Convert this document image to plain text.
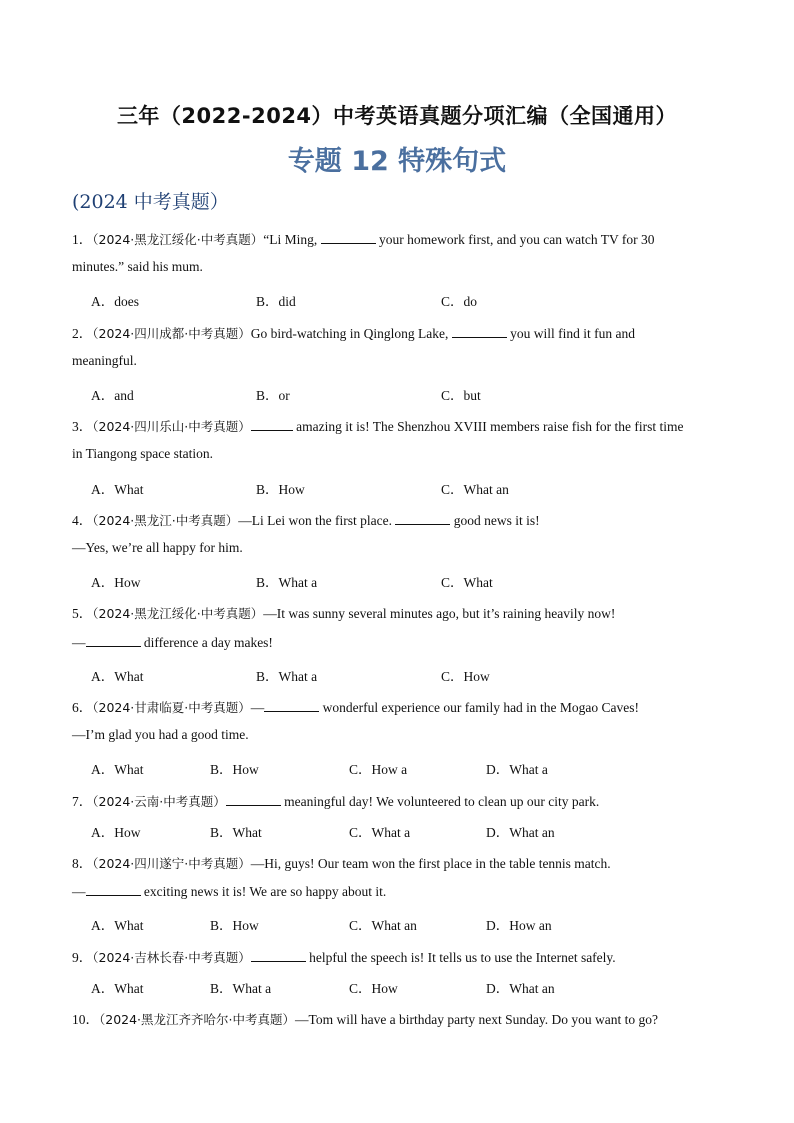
三年（2022-2024）中考英语真题分项汇编（全国通用）
专题 12 特殊句式
(2024 中考真题）
1．（2024·黑龙江绥化·中考真题）“Li Ming,	your homework first, and you can watch TV for 30
minutes.” said his mum.
A．does	B．did	C．do
2．（2024·四川成都·中考真题）Go bird-watching in Qinglong Lake,	you will find it fun and
meaningful.
A．and	B．or	C．but
3．（2024·四川乐山·中考真题）	amazing it is! The Shenzhou XVIII members raise fish for the first time
in Tiangong space station.
A．What	B．How	C．What an
4．（2024·黑龙江·中考真题）—Li Lei won the first place.	good news it is!
—Yes, we’re all happy for him.
A．How	B．What a	C．What
5．（2024·黑龙江绥化·中考真题）—It was sunny several minutes ago, but it’s raining heavily now!
—	difference a day makes!
A．What	B．What a	C．How
6．（2024·甘肃临夏·中考真题）—	wonderful experience our family had in the Mogao Caves!
—I’m glad you had a good time.
A．What	B．How	C．How a	D．What a
7．（2024·云南·中考真题）	meaningful day! We volunteered to clean up our city park.
A．How	B．What	C．What a	D．What an
8．（2024·四川遂宁·中考真题）—Hi, guys! Our team won the first place in the table tennis match.
—	exciting news it is! We are so happy about it.
A．What	B．How	C．What an	D．How an
9．（2024·吉林长春·中考真题）	helpful the speech is! It tells us to use the Internet safely.
A．What	B．What a	C．How	D．What an
10．（2024·黑龙江齐齐哈尔·中考真题）—Tom will have a birthday party next Sunday. Do you want to go?
